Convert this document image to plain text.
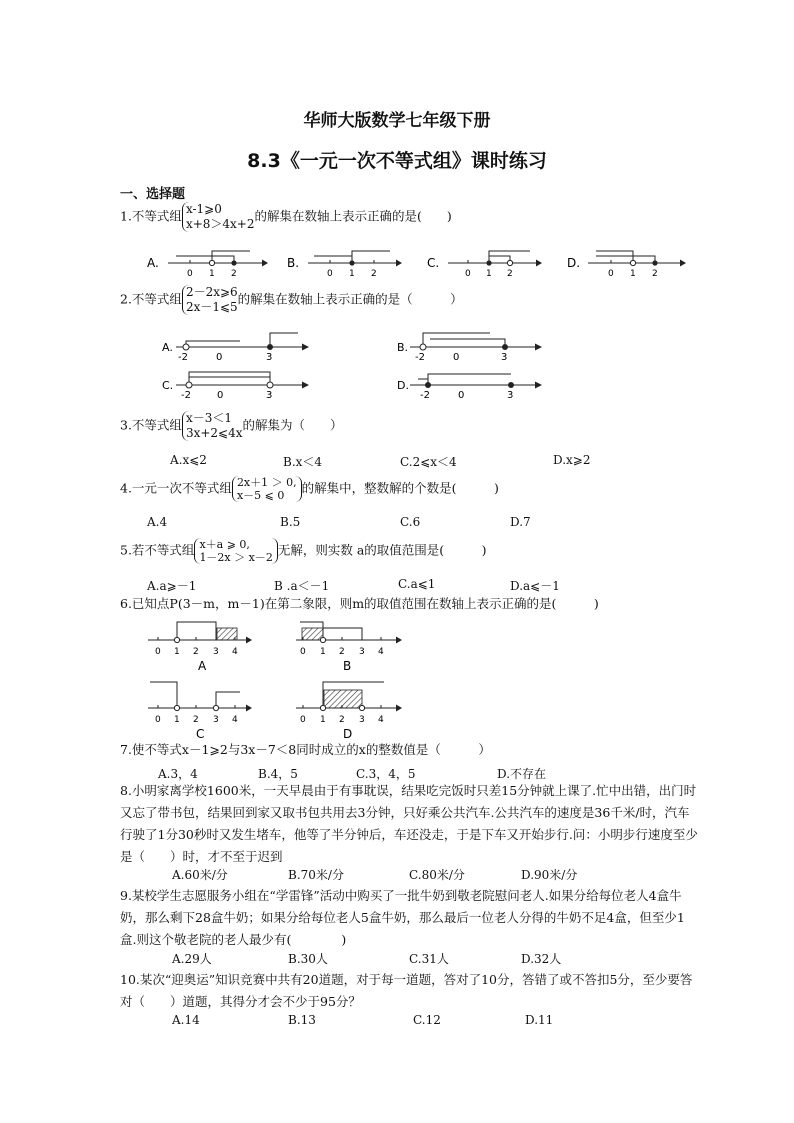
华师大版数学七年级下册
8.3《一元一次不等式组》课时练习
一、选择题
1.不等式组 x-1⩾0
x+8＞4x+2
的解集在数轴上表示正确的是(　　)
A.
0 1 2
B.
0 1 2
C.
0 1 2
D.
0 1 2
2.不等式组 2－2x⩾6
2x－1⩽5
的解集在数轴上表示正确的是（　　　）
A.
-2	0	3
B.
-2	0	3
C.
-2	0	3
D.
-2	0	3
3.不等式组 x－3＜1
3x+2⩽4x
的解集为（　　）
A.x⩽2	B.x＜4	C.2⩽x＜4	D.x⩾2
4.一元一次不等式组 2x＋1 ＞ 0,
x－5 ⩽ 0	的解集中，整数解的个数是(　　　)
A.4	B.5	C.6	D.7
5.若不等式组 x＋a ⩾ 0,
1－2x ＞ x－2 无解，则实数 a的取值范围是(　　　)
A.a⩾－1	B .a＜－1	C.a⩽1	D.a⩽－1
6.已知点P(3－m，m－1)在第二象限，则m的取值范围在数轴上表示正确的是(　　　)
0 1 2 3 4
A
0 1 2 3 4
B
0 1 2 3 4
C
0 1 2 3 4
D
7.使不等式x－1⩾2与3x－7＜8同时成立的x的整数值是（　　　）
A.3，4	B.4，5	C.3，4，5	D.不存在
8.小明家离学校1600米，一天早晨由于有事耽误，结果吃完饭时只差15分钟就上课了.忙中出错，出门时又忘了带书包，结果回到家又取书包共用去3分钟，只好乘公共汽车.公共汽车的速度是36千米/时，汽车行驶了1分30秒时又发生堵车，他等了半分钟后，车还没走，于是下车又开始步行.问：小明步行速度至少是（　　）时，才不至于迟到
A.60米/分	B.70米/分	C.80米/分	D.90米/分
9.某校学生志愿服务小组在“学雷锋”活动中购买了一批牛奶到敬老院慰问老人.如果分给每位老人4盒牛奶，那么剩下28盒牛奶；如果分给每位老人5盒牛奶，那么最后一位老人分得的牛奶不足4盒，但至少1盒.则这个敬老院的老人最少有(　　　　)
A.29人	B.30人	C.31人	D.32人
10.某次“迎奥运”知识竞赛中共有20道题，对于每一道题，答对了10分，答错了或不答扣5分，至少要答对（　　）道题，其得分才会不少于95分？
A.14	B.13	C.12	D.11
